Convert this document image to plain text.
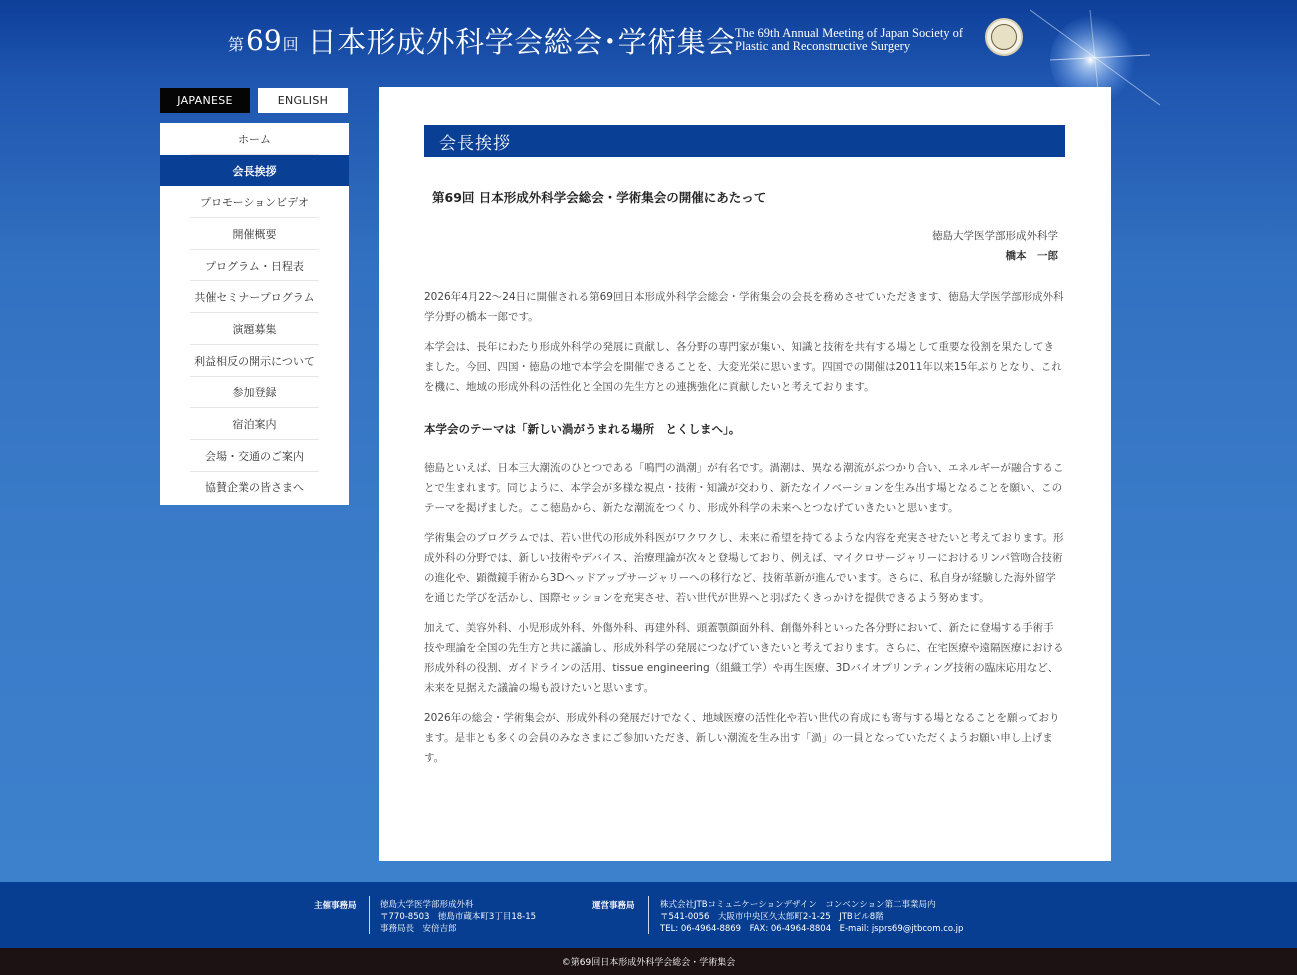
第69回 日本形成外科学会総会･学術集会 The 69th Annual Meeting of Japan Society of
Plastic and Reconstructive Surgery
JAPANESE	ENGLISH
ホーム
会長挨拶
プロモーションビデオ
開催概要
プログラム・日程表
共催セミナープログラム
演題募集
利益相反の開示について
参加登録
宿泊案内
会場・交通のご案内
協賛企業の皆さまへ
会長挨拶
第69回 日本形成外科学会総会・学術集会の開催にあたって
徳島大学医学部形成外科学
橋本　一郎

2026年4月22〜24日に開催される第69回日本形成外科学会総会・学術集会の会長を務めさせていただきます、徳島大学医学部形成外科学分野の橋本一郎です。

本学会は、長年にわたり形成外科学の発展に貢献し、各分野の専門家が集い、知識と技術を共有する場として重要な役割を果たしてきました。今回、四国・徳島の地で本学会を開催できることを、大変光栄に思います。四国での開催は2011年以来15年ぶりとなり、これを機に、地域の形成外科の活性化と全国の先生方との連携強化に貢献したいと考えております。

本学会のテーマは「新しい渦がうまれる場所　とくしまへ」。

徳島といえば、日本三大潮流のひとつである「鳴門の渦潮」が有名です。渦潮は、異なる潮流がぶつかり合い、エネルギーが融合することで生まれます。同じように、本学会が多様な視点・技術・知識が交わり、新たなイノベーションを生み出す場となることを願い、このテーマを掲げました。ここ徳島から、新たな潮流をつくり、形成外科学の未来へとつなげていきたいと思います。

学術集会のプログラムでは、若い世代の形成外科医がワクワクし、未来に希望を持てるような内容を充実させたいと考えております。形成外科の分野では、新しい技術やデバイス、治療理論が次々と登場しており、例えば、マイクロサージャリーにおけるリンパ管吻合技術の進化や、顕微鏡手術から3Dヘッドアップサージャリーへの移行など、技術革新が進んでいます。さらに、私自身が経験した海外留学を通じた学びを活かし、国際セッションを充実させ、若い世代が世界へと羽ばたくきっかけを提供できるよう努めます。

加えて、美容外科、小児形成外科、外傷外科、再建外科、頭蓋顎顔面外科、創傷外科といった各分野において、新たに登場する手術手技や理論を全国の先生方と共に議論し、形成外科学の発展につなげていきたいと考えております。さらに、在宅医療や遠隔医療における形成外科の役割、ガイドラインの活用、tissue engineering（組織工学）や再生医療、3Dバイオプリンティング技術の臨床応用など、未来を見据えた議論の場も設けたいと思います。

2026年の総会・学術集会が、形成外科の発展だけでなく、地域医療の活性化や若い世代の育成にも寄与する場となることを願っております。是非とも多くの会員のみなさまにご参加いただき、新しい潮流を生み出す「渦」の一員となっていただくようお願い申し上げます。

主催事務局	徳島大学医学部形成外科
〒770-8503　徳島市蔵本町3丁目18-15
事務局長　安倍吉郎
運営事務局	株式会社JTBコミュニケーションデザイン　コンベンション第二事業局内
〒541-0056　大阪市中央区久太郎町2-1-25　JTBビル8階
TEL: 06-4964-8869　FAX: 06-4964-8804　E-mail: jsprs69@jtbcom.co.jp
©第69回日本形成外科学会総会・学術集会
